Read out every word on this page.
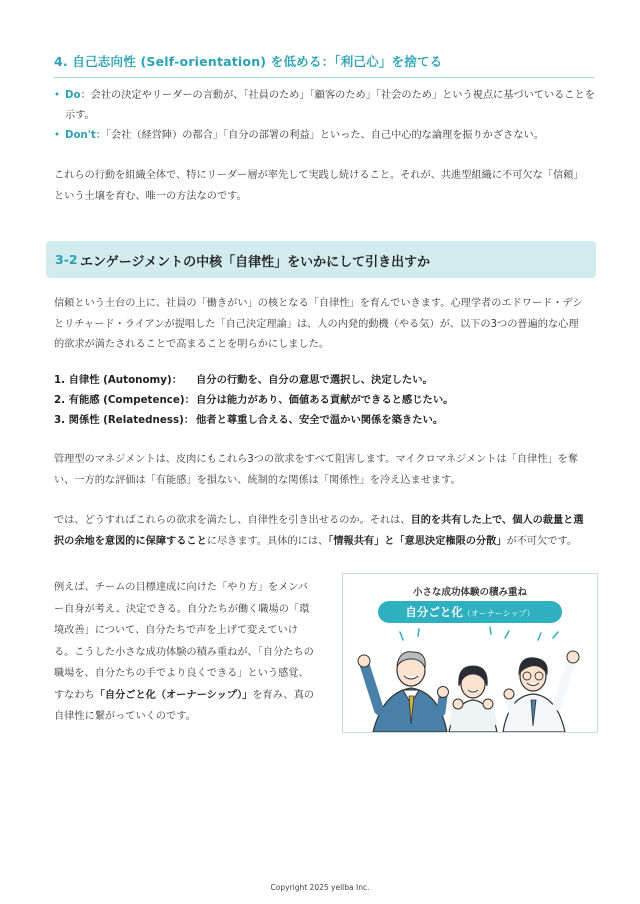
4. 自己志向性 (Self-orientation) を低める：「利己心」を捨てる
• Do：会社の決定やリーダーの言動が、「社員のため」「顧客のため」「社会のため」という視点に基づいていることを示す。
• Don't：「会社（経営陣）の都合」「自分の部署の利益」といった、自己中心的な論理を振りかざさない。
これらの行動を組織全体で、特にリーダー層が率先して実践し続けること。それが、共進型組織に不可欠な「信頼」という土壌を育む、唯一の方法なのです。
3-2 エンゲージメントの中核「自律性」をいかにして引き出すか
信頼という土台の上に、社員の「働きがい」の核となる「自律性」を育んでいきます。心理学者のエドワード・デシとリチャード・ライアンが提唱した「自己決定理論」は、人の内発的動機（やる気）が、以下の3つの普遍的な心理的欲求が満たされることで高まることを明らかにしました。
1. 自律性 (Autonomy)： 自分の行動を、自分の意思で選択し、決定したい。
2. 有能感 (Competence)： 自分は能力があり、価値ある貢献ができると感じたい。
3. 関係性 (Relatedness)： 他者と尊重し合える、安全で温かい関係を築きたい。
管理型のマネジメントは、皮肉にもこれら3つの欲求をすべて阻害します。マイクロマネジメントは「自律性」を奪い、一方的な評価は「有能感」を損ない、統制的な関係は「関係性」を冷え込ませます。
では、どうすればこれらの欲求を満たし、自律性を引き出せるのか。それは、目的を共有した上で、個人の裁量と選択の余地を意図的に保障することに尽きます。具体的には、「情報共有」と「意思決定権限の分散」が不可欠です。
例えば、チームの目標達成に向けた「やり方」をメンバー自身が考え、決定できる。自分たちが働く職場の「環境改善」について、自分たちで声を上げて変えていける。こうした小さな成功体験の積み重ねが、「自分たちの職場を、自分たちの手でより良くできる」という感覚、すなわち「自分ごと化（オーナーシップ）」を育み、真の自律性に繋がっていくのです。
小さな成功体験の積み重ね
自分ごと化（オーナーシップ）
Copyright 2025 yellba Inc.
